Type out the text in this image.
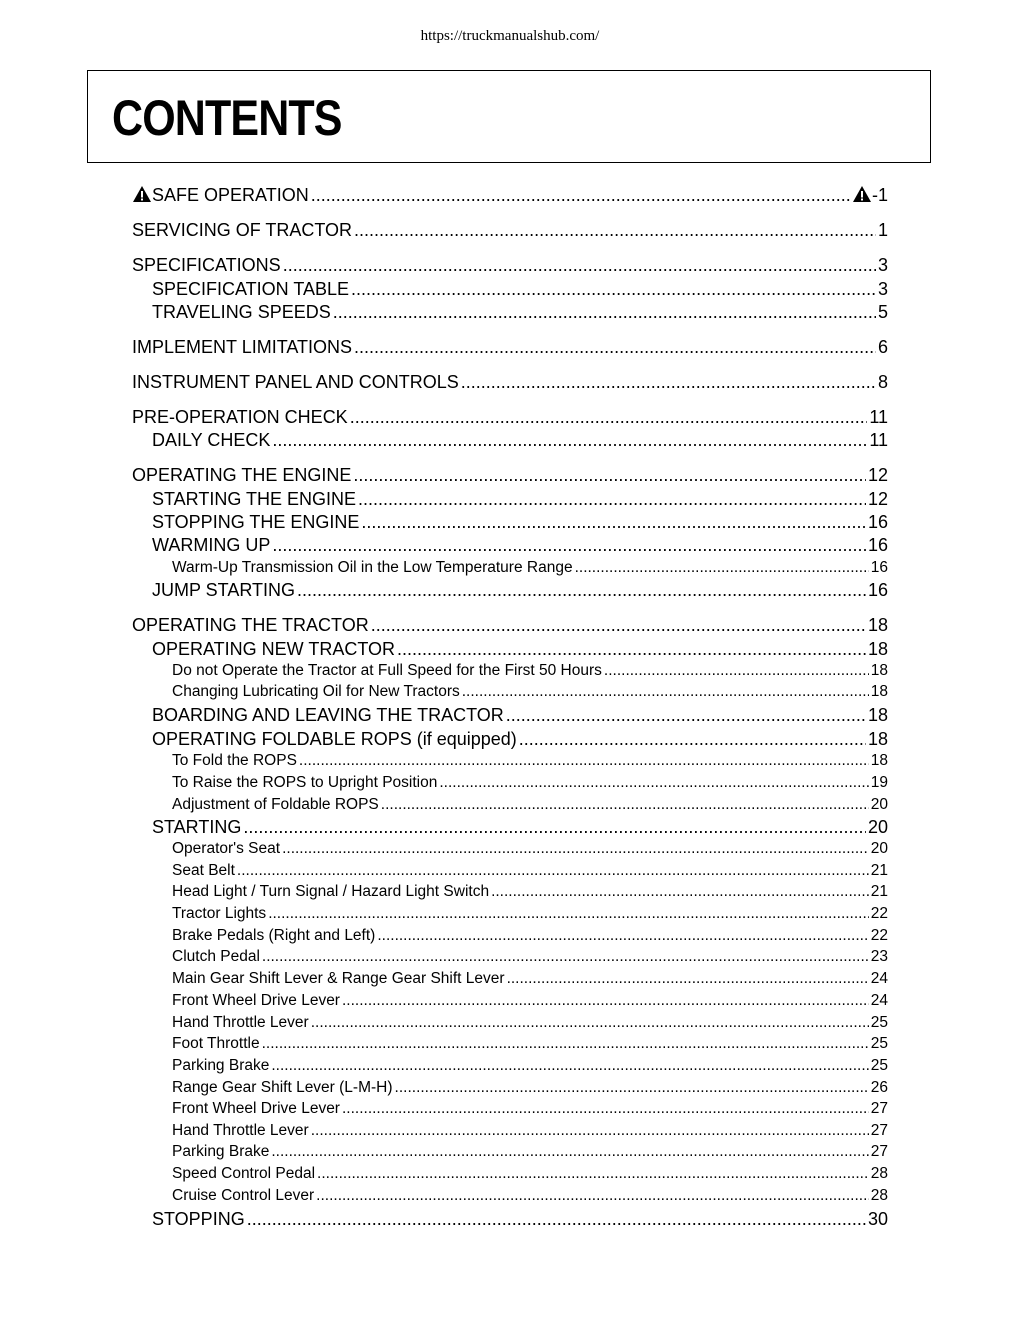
https://truckmanualshub.com/
CONTENTS
SAFE OPERATION .....	-1
SERVICING OF TRACTOR .....	1
SPECIFICATIONS .....	3
SPECIFICATION TABLE .....	3
TRAVELING SPEEDS .....	5
IMPLEMENT LIMITATIONS .....	6
INSTRUMENT PANEL AND CONTROLS .....	8
PRE-OPERATION CHECK .....	11
DAILY CHECK .....	11
OPERATING THE ENGINE .....	12
STARTING THE ENGINE .....	12
STOPPING THE ENGINE .....	16
WARMING UP .....	16
Warm-Up Transmission Oil in the Low Temperature Range .....	16
JUMP STARTING .....	16
OPERATING THE TRACTOR .....	18
OPERATING NEW TRACTOR .....	18
Do not Operate the Tractor at Full Speed for the First 50 Hours .....	18
Changing Lubricating Oil for New Tractors .....	18
BOARDING AND LEAVING THE TRACTOR .....	18
OPERATING FOLDABLE ROPS (if equipped) .....	18
To Fold the ROPS .....	18
To Raise the ROPS to Upright Position .....	19
Adjustment of Foldable ROPS .....	20
STARTING .....	20
Operator's Seat .....	20
Seat Belt .....	21
Head Light / Turn Signal / Hazard Light Switch .....	21
Tractor Lights .....	22
Brake Pedals (Right and Left) .....	22
Clutch Pedal .....	23
Main Gear Shift Lever & Range Gear Shift Lever .....	24
Front Wheel Drive Lever .....	24
Hand Throttle Lever .....	25
Foot Throttle .....	25
Parking Brake .....	25
Range Gear Shift Lever (L-M-H) .....	26
Front Wheel Drive Lever .....	27
Hand Throttle Lever .....	27
Parking Brake .....	27
Speed Control Pedal .....	28
Cruise Control Lever .....	28
STOPPING .....	30
